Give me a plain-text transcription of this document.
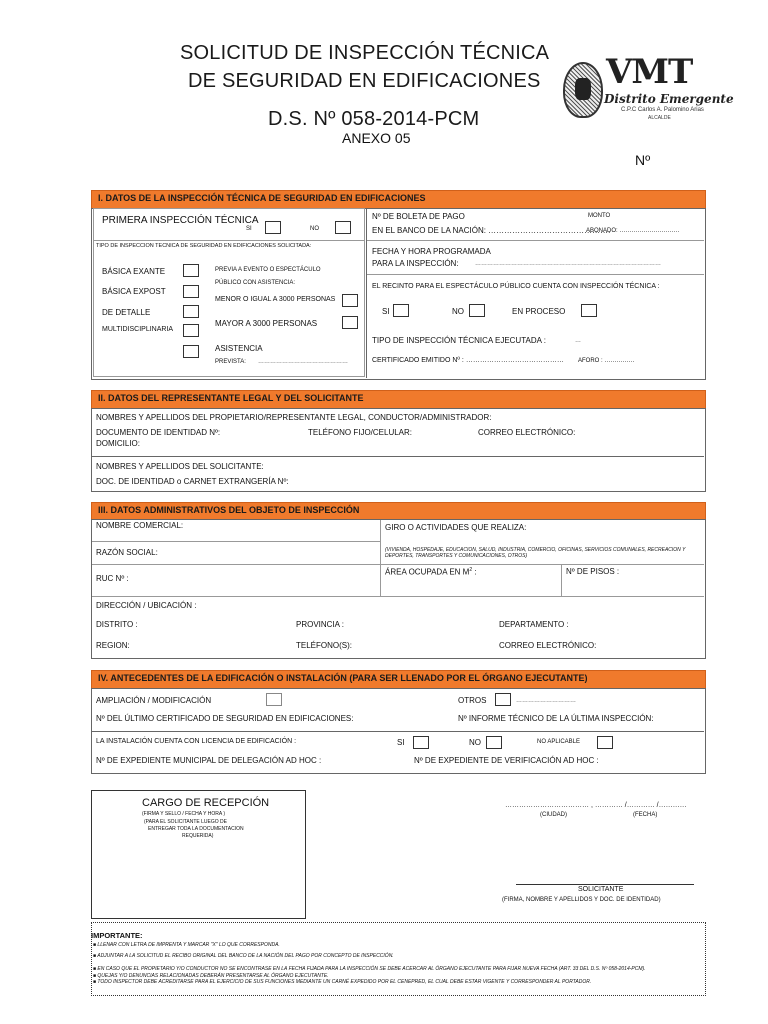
SOLICITUD DE INSPECCIÓN TÉCNICA
DE SEGURIDAD EN EDIFICACIONES
D.S. Nº 058-2014-PCM
ANEXO 05
Nº
VMT
Distrito Emergente
C.P.C Carlos A. Palomino Arias
ALCALDE
I. DATOS DE LA INSPECCIÓN TÉCNICA DE SEGURIDAD EN EDIFICACIONES
PRIMERA INSPECCIÓN TÉCNICA
SI	NO
TIPO DE INSPECCION TECNICA DE SEGURIDAD EN EDIFICACIONES SOLICITADA:
BÁSICA EXANTE
BÁSICA EXPOST
DE DETALLE
MULTIDISCIPLINARIA
PREVIA A EVENTO O ESPECTÁCULO
PÚBLICO CON ASISTENCIA:
MENOR O IGUAL A 3000 PERSONAS
MAYOR A 3000 PERSONAS
ASISTENCIA
PREVISTA: ………………………………………
Nº DE BOLETA DE PAGO	MONTO
EN EL BANCO DE LA NACIÓN: ……………………………………….
ABONADO: …………………………
FECHA Y HORA PROGRAMADA
PARA LA INSPECCIÓN:	…………………………………………………………………………………
EL RECINTO PARA EL ESPECTÁCULO PÚBLICO CUENTA CON INSPECCIÓN TÉCNICA :
SI	NO	EN PROCESO
TIPO DE INSPECCIÓN TÉCNICA EJECUTADA :	…
CERTIFICADO EMITIDO Nº : …………………………………… AFORO : ……………
II. DATOS DEL REPRESENTANTE LEGAL Y DEL SOLICITANTE
NOMBRES Y APELLIDOS DEL PROPIETARIO/REPRESENTANTE LEGAL, CONDUCTOR/ADMINISTRADOR:
DOCUMENTO DE IDENTIDAD Nº:	TELÉFONO FIJO/CELULAR:	CORREO ELECTRÓNICO:
DOMICILIO:
NOMBRES Y APELLIDOS DEL SOLICITANTE:
DOC. DE IDENTIDAD o CARNET EXTRANGERÍA Nº:
III. DATOS ADMINISTRATIVOS DEL OBJETO DE INSPECCIÓN
NOMBRE COMERCIAL:	GIRO O ACTIVIDADES QUE REALIZA:
RAZÓN SOCIAL:	(VIVIENDA, HOSPEDAJE, EDUCACION, SALUD, INDUSTRIA, COMERCIO, OFICINAS, SERVICIOS COMUNALES, RECREACION Y DEPORTES, TRANSPORTES Y COMUNICACIONES, OTROS)
RUC Nº :
ÁREA OCUPADA EN $M^2$ :	Nº DE PISOS :
DIRECCIÓN / UBICACIÓN :
DISTRITO :	PROVINCIA :	DEPARTAMENTO :
REGION:	TELÉFONO(S):	CORREO ELECTRÓNICO:
IV. ANTECEDENTES DE LA EDIFICACIÓN O INSTALACIÓN (PARA SER LLENADO POR EL ÓRGANO EJECUTANTE)
AMPLIACIÓN / MODIFICACIÓN	OTROS	…………………………
Nº DEL ÚLTIMO CERTIFICADO DE SEGURIDAD EN EDIFICACIONES:	Nº INFORME TÉCNICO DE LA ÚLTIMA INSPECCIÓN:
LA INSTALACIÓN CUENTA CON LICENCIA DE EDIFICACIÓN :	SI	NO	NO APLICABLE
Nº DE EXPEDIENTE MUNICIPAL DE DELEGACIÓN AD HOC :	Nº DE EXPEDIENTE DE VERIFICACIÓN AD HOC :
CARGO DE RECEPCIÓN
(FIRMA Y SELLO / FECHA Y HORA )
(PARA EL SOLICITANTE LUEGO DE
ENTREGAR TODA LA DOCUMENTACION
REQUERIDA)
……………………………… , ………… /………… /…………
(CIUDAD)	(FECHA)
SOLICITANTE
(FIRMA, NOMBRE Y APELLIDOS Y DOC. DE IDENTIDAD)
IMPORTANTE:
■ LLENAR CON LETRA DE IMPRENTA Y MARCAR "X" LO QUE CORRESPONDA.
■ ADJUNTAR A LA SOLICITUD EL RECIBO ORIGINAL DEL BANCO DE LA NACIÓN DEL PAGO POR CONCEPTO DE INSPECCIÓN.
■ EN CASO QUE EL PROPIETARIO Y/O CONDUCTOR NO SE ENCONTRASE EN LA FECHA FIJADA PARA LA INSPECCIÓN SE DEBE ACERCAR AL ÓRGANO EJECUTANTE PARA FIJAR NUEVA FECHA (ART. 33 DEL D.S. Nº 058-2014-PCM).
■ QUEJAS Y/O DENUNCIAS RELACIONADAS DEBERÁN PRESENTARSE AL ÓRGANO EJECUTANTE.
■ TODO INSPECTOR DEBE ACREDITARSE PARA EL EJERCICIO DE SUS FUNCIONES MEDIANTE UN CARNÉ EXPEDIDO POR EL CENEPRED, EL CUAL DEBE ESTAR VIGENTE Y CORRESPONDER AL PORTADOR.
